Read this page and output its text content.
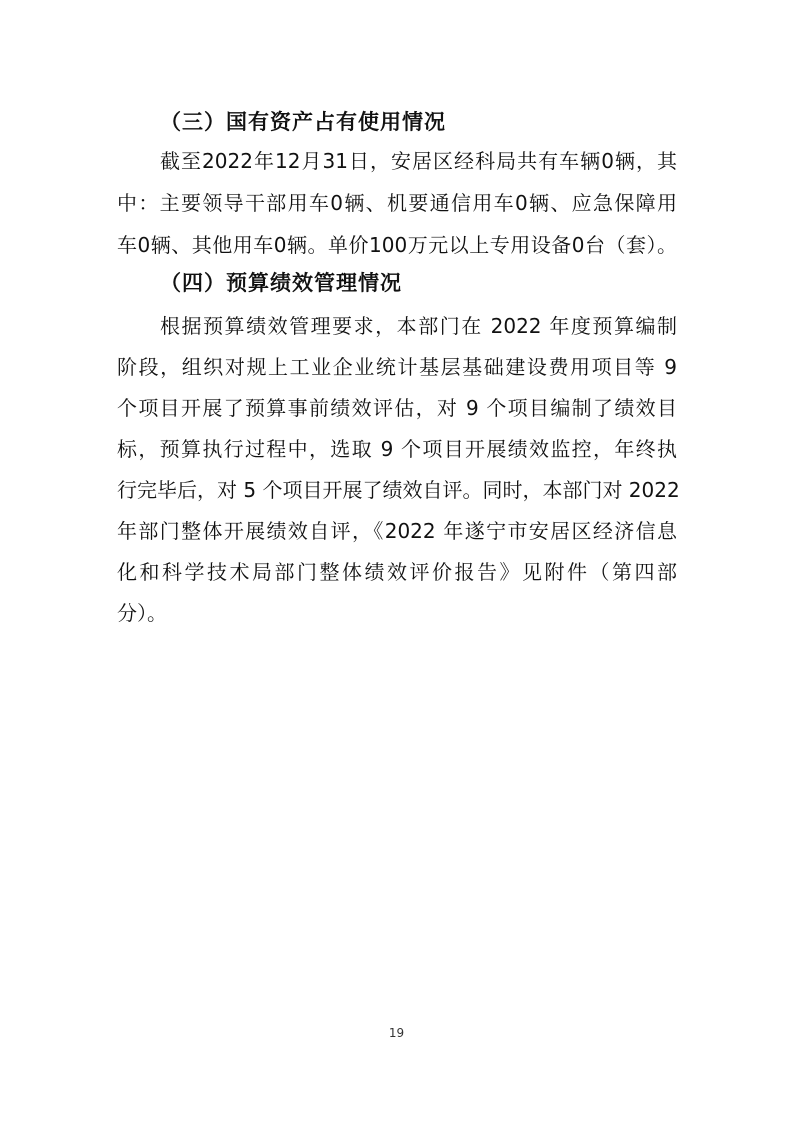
（三）国有资产占有使用情况
截至2022年12月31日，安居区经科局共有车辆0辆，其
中：主要领导干部用车0辆、机要通信用车0辆、应急保障用
车0辆、其他用车0辆。单价100万元以上专用设备0台（套）。
（四）预算绩效管理情况
根据预算绩效管理要求，本部门在 2022 年度预算编制
阶段，组织对规上工业企业统计基层基础建设费用项目等 9
个项目开展了预算事前绩效评估，对 9 个项目编制了绩效目
标，预算执行过程中，选取 9 个项目开展绩效监控，年终执
行完毕后，对 5 个项目开展了绩效自评。同时，本部门对 2022
年部门整体开展绩效自评，《2022 年遂宁市安居区经济信息
化和科学技术局部门整体绩效评价报告》见附件（第四部
分）。
19
